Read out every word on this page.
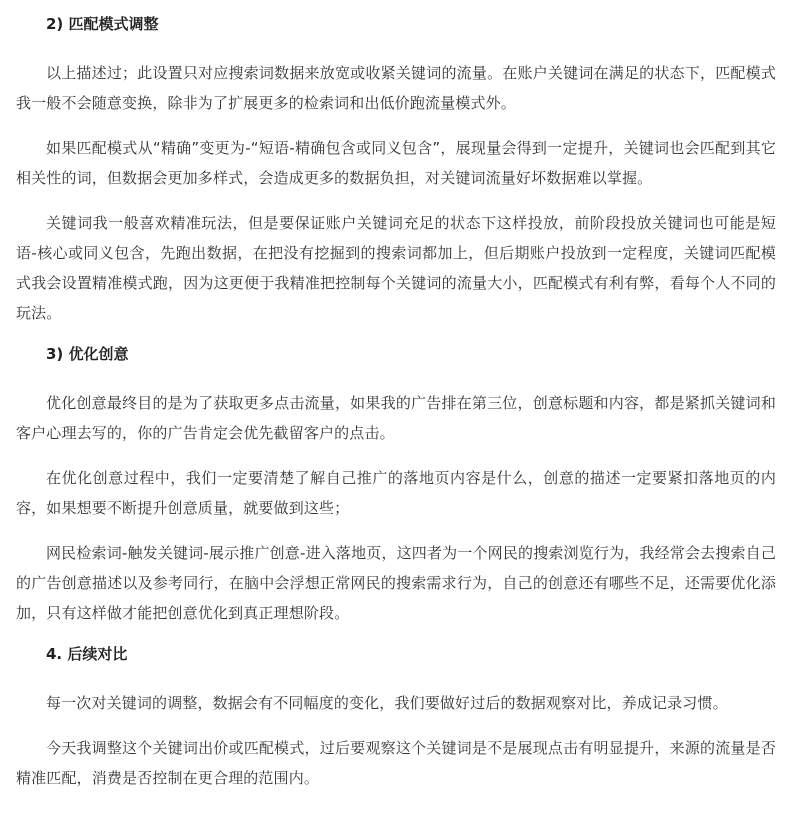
2) 匹配模式调整

以上描述过；此设置只对应搜索词数据来放宽或收紧关键词的流量。在账户关键词在满足的状态下，匹配模式我一般不会随意变换，除非为了扩展更多的检索词和出低价跑流量模式外。

如果匹配模式从“精确”变更为-“短语-精确包含或同义包含”，展现量会得到一定提升，关键词也会匹配到其它相关性的词，但数据会更加多样式，会造成更多的数据负担，对关键词流量好坏数据难以掌握。

关键词我一般喜欢精准玩法，但是要保证账户关键词充足的状态下这样投放，前阶段投放关键词也可能是短语-核心或同义包含，先跑出数据，在把没有挖掘到的搜索词都加上，但后期账户投放到一定程度，关键词匹配模式我会设置精准模式跑，因为这更便于我精准把控制每个关键词的流量大小，匹配模式有利有弊，看每个人不同的玩法。

3) 优化创意

优化创意最终目的是为了获取更多点击流量，如果我的广告排在第三位，创意标题和内容，都是紧抓关键词和客户心理去写的，你的广告肯定会优先截留客户的点击。

在优化创意过程中，我们一定要清楚了解自己推广的落地页内容是什么，创意的描述一定要紧扣落地页的内容，如果想要不断提升创意质量，就要做到这些；

网民检索词-触发关键词-展示推广创意-进入落地页，这四者为一个网民的搜索浏览行为，我经常会去搜索自己的广告创意描述以及参考同行，在脑中会浮想正常网民的搜索需求行为，自己的创意还有哪些不足，还需要优化添加，只有这样做才能把创意优化到真正理想阶段。

4. 后续对比

每一次对关键词的调整，数据会有不同幅度的变化，我们要做好过后的数据观察对比，养成记录习惯。

今天我调整这个关键词出价或匹配模式，过后要观察这个关键词是不是展现点击有明显提升，来源的流量是否精准匹配，消费是否控制在更合理的范围内。
